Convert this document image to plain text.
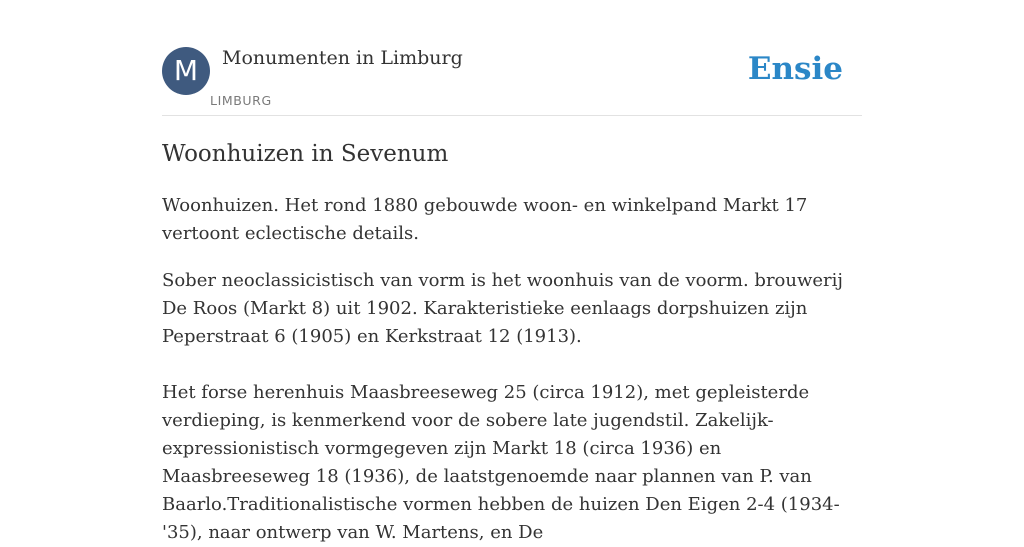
M	Monumenten in Limburg
LIMBURG
Ensie
Woonhuizen in Sevenum

Woonhuizen. Het rond 1880 gebouwde woon- en winkelpand Markt 17 vertoont eclectische details.

Sober neoclassicistisch van vorm is het woonhuis van de voorm. brouwerij De Roos (Markt 8) uit 1902. Karakteristieke eenlaags dorpshuizen zijn Peperstraat 6 (1905) en Kerkstraat 12 (1913).

Het forse herenhuis Maasbreeseweg 25 (circa 1912), met gepleisterde verdieping, is kenmerkend voor de sobere late jugendstil. Zakelijk-expressionistisch vormgegeven zijn Markt 18 (circa 1936) en Maasbreeseweg 18 (1936), de laatstgenoemde naar plannen van P. van Baarlo.Traditionalistische vormen hebben de huizen Den Eigen 2-4 (1934-'35), naar ontwerp van W. Martens, en De
